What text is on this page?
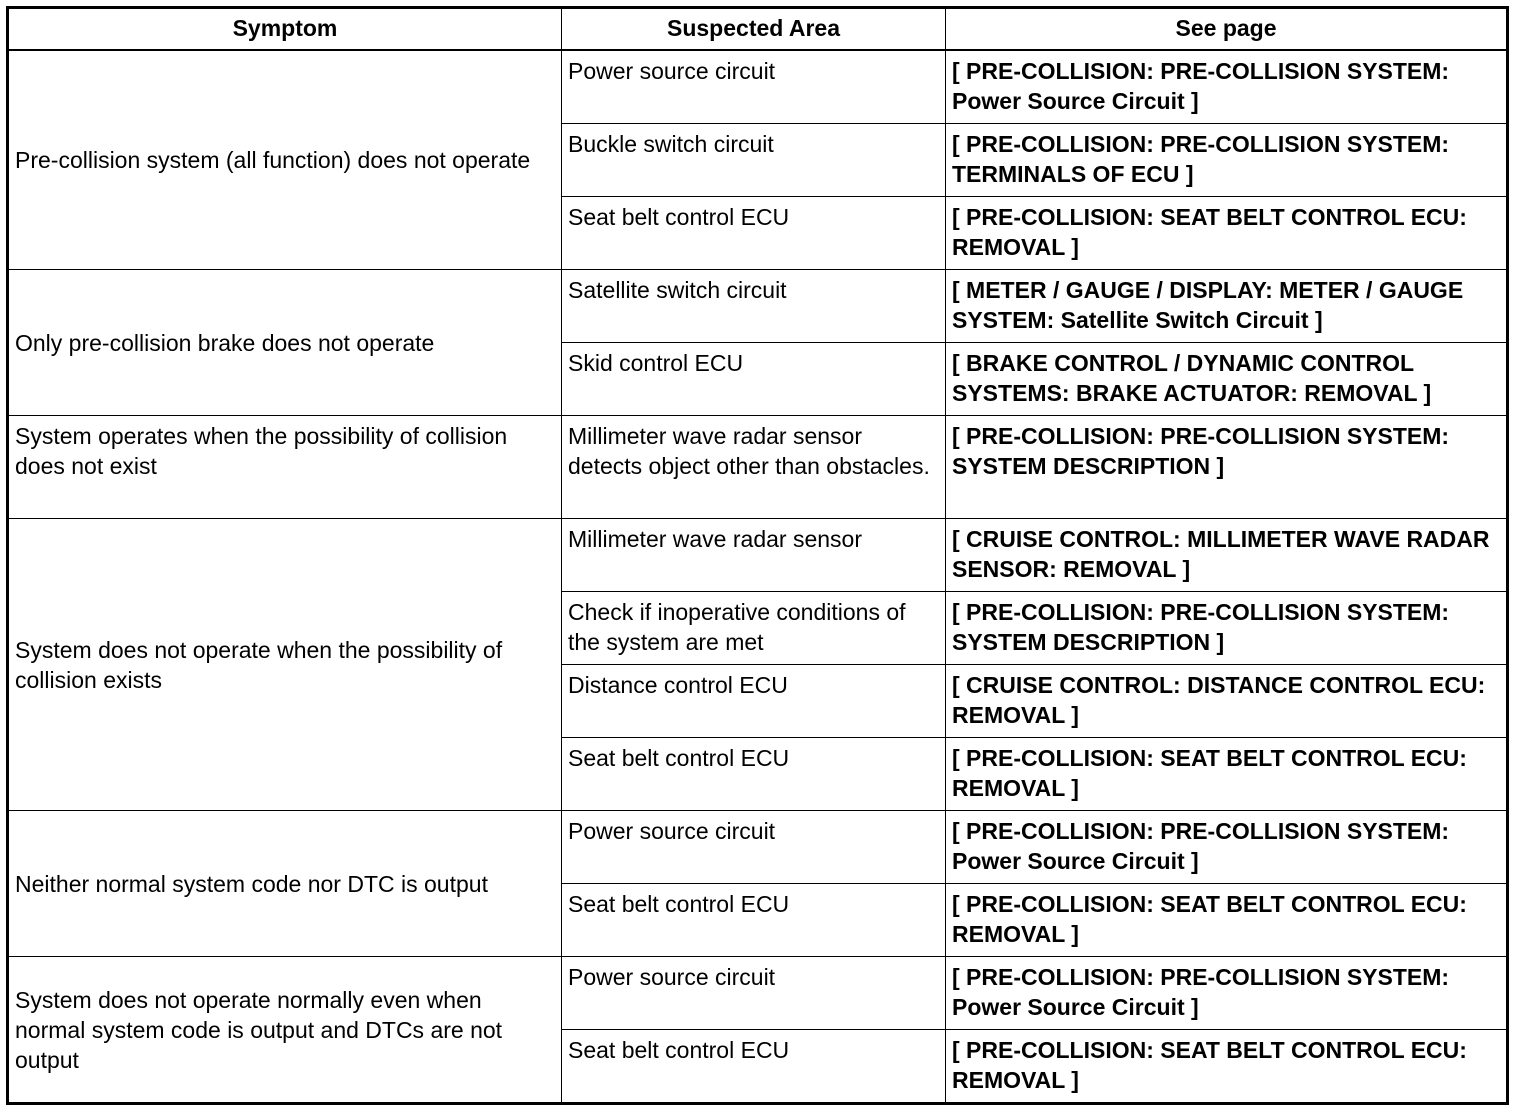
Symptom	Suspected Area	See page
Pre-collision system (all function) does not operate	Power source circuit	[ PRE-COLLISION: PRE-COLLISION SYSTEM: Power Source Circuit ]
	Buckle switch circuit	[ PRE-COLLISION: PRE-COLLISION SYSTEM: TERMINALS OF ECU ]
	Seat belt control ECU	[ PRE-COLLISION: SEAT BELT CONTROL ECU: REMOVAL ]
Only pre-collision brake does not operate	Satellite switch circuit	[ METER / GAUGE / DISPLAY: METER / GAUGE SYSTEM: Satellite Switch Circuit ]
	Skid control ECU	[ BRAKE CONTROL / DYNAMIC CONTROL SYSTEMS: BRAKE ACTUATOR: REMOVAL ]
System operates when the possibility of collision does not exist	Millimeter wave radar sensor detects object other than obstacles.	[ PRE-COLLISION: PRE-COLLISION SYSTEM: SYSTEM DESCRIPTION ]
System does not operate when the possibility of collision exists	Millimeter wave radar sensor	[ CRUISE CONTROL: MILLIMETER WAVE RADAR SENSOR: REMOVAL ]
	Check if inoperative conditions of the system are met	[ PRE-COLLISION: PRE-COLLISION SYSTEM: SYSTEM DESCRIPTION ]
	Distance control ECU	[ CRUISE CONTROL: DISTANCE CONTROL ECU: REMOVAL ]
	Seat belt control ECU	[ PRE-COLLISION: SEAT BELT CONTROL ECU: REMOVAL ]
Neither normal system code nor DTC is output	Power source circuit	[ PRE-COLLISION: PRE-COLLISION SYSTEM: Power Source Circuit ]
	Seat belt control ECU	[ PRE-COLLISION: SEAT BELT CONTROL ECU: REMOVAL ]
System does not operate normally even when normal system code is output and DTCs are not output	Power source circuit	[ PRE-COLLISION: PRE-COLLISION SYSTEM: Power Source Circuit ]
	Seat belt control ECU	[ PRE-COLLISION: SEAT BELT CONTROL ECU: REMOVAL ]
